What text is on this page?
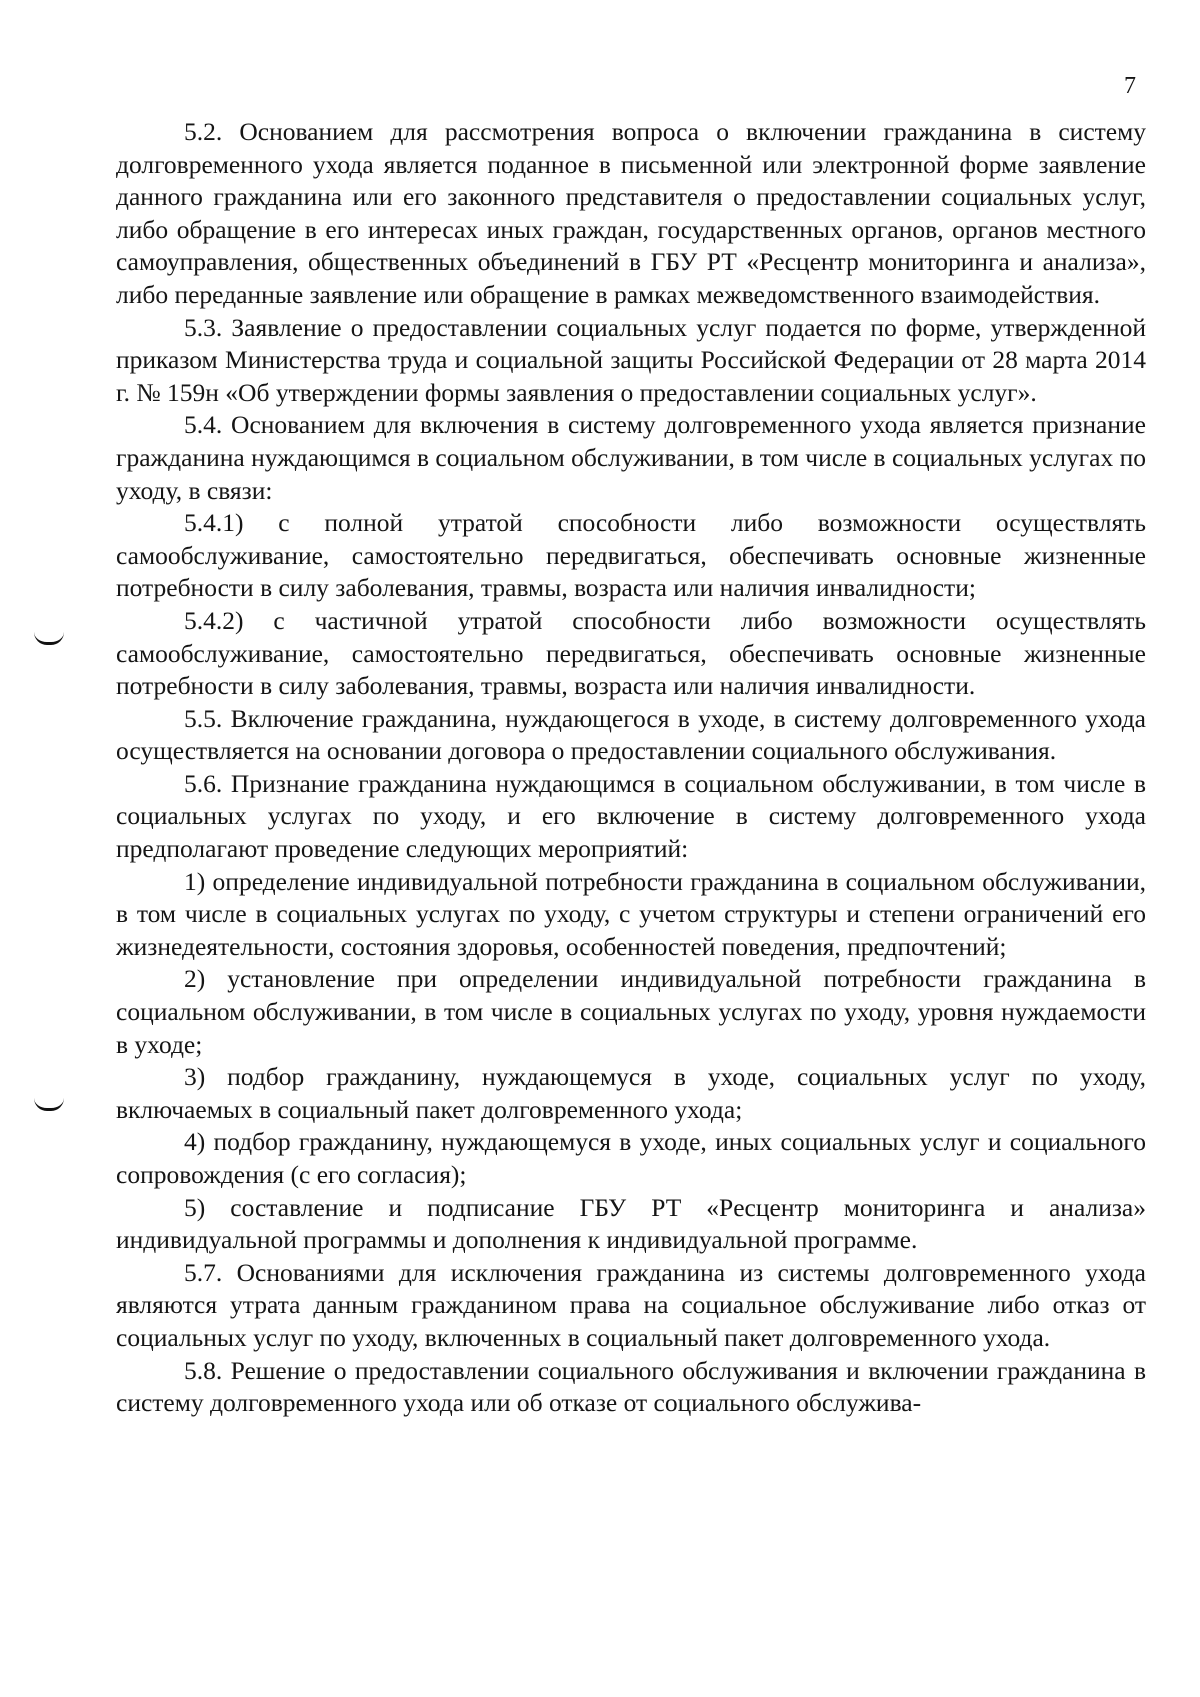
7

5.2. Основанием для рассмотрения вопроса о включении гражданина в систему долговременного ухода является поданное в письменной или электронной форме заявление данного гражданина или его законного представителя о предоставлении социальных услуг, либо обращение в его интересах иных граждан, государственных органов, органов местного самоуправления, общественных объединений в ГБУ РТ «Рeсцентр мониторинга и анализа», либо переданные заявление или обращение в рамках межведомственного взаимодействия.

5.3. Заявление о предоставлении социальных услуг подается по форме, утвержденной приказом Министерства труда и социальной защиты Российской Федерации от 28 марта 2014 г. № 159н «Об утверждении формы заявления о предоставлении социальных услуг».

5.4. Основанием для включения в систему долговременного ухода является признание гражданина нуждающимся в социальном обслуживании, в том числе в социальных услугах по уходу, в связи:

5.4.1) с полной утратой способности либо возможности осуществлять самообслуживание, самостоятельно передвигаться, обеспечивать основные жизненные потребности в силу заболевания, травмы, возраста или наличия инвалидности;

5.4.2) с частичной утратой способности либо возможности осуществлять самообслуживание, самостоятельно передвигаться, обеспечивать основные жизненные потребности в силу заболевания, травмы, возраста или наличия инвалидности.

5.5. Включение гражданина, нуждающегося в уходе, в систему долговременного ухода осуществляется на основании договора о предоставлении социального обслуживания.

5.6. Признание гражданина нуждающимся в социальном обслуживании, в том числе в социальных услугах по уходу, и его включение в систему долговременного ухода предполагают проведение следующих мероприятий:

1) определение индивидуальной потребности гражданина в социальном обслуживании, в том числе в социальных услугах по уходу, с учетом структуры и степени ограничений его жизнедеятельности, состояния здоровья, особенностей поведения, предпочтений;

2) установление при определении индивидуальной потребности гражданина в социальном обслуживании, в том числе в социальных услугах по уходу, уровня нуждаемости в уходе;

3) подбор гражданину, нуждающемуся в уходе, социальных услуг по уходу, включаемых в социальный пакет долговременного ухода;

4) подбор гражданину, нуждающемуся в уходе, иных социальных услуг и социального сопровождения (с его согласия);

5) составление и подписание ГБУ РТ «Рeсцентр мониторинга и анализа» индивидуальной программы и дополнения к индивидуальной программе.

5.7. Основаниями для исключения гражданина из системы долговременного ухода являются утрата данным гражданином права на социальное обслуживание либо отказ от социальных услуг по уходу, включенных в социальный пакет долговременного ухода.

5.8. Решение о предоставлении социального обслуживания и включении гражданина в систему долговременного ухода или об отказе от социального обслужива-
